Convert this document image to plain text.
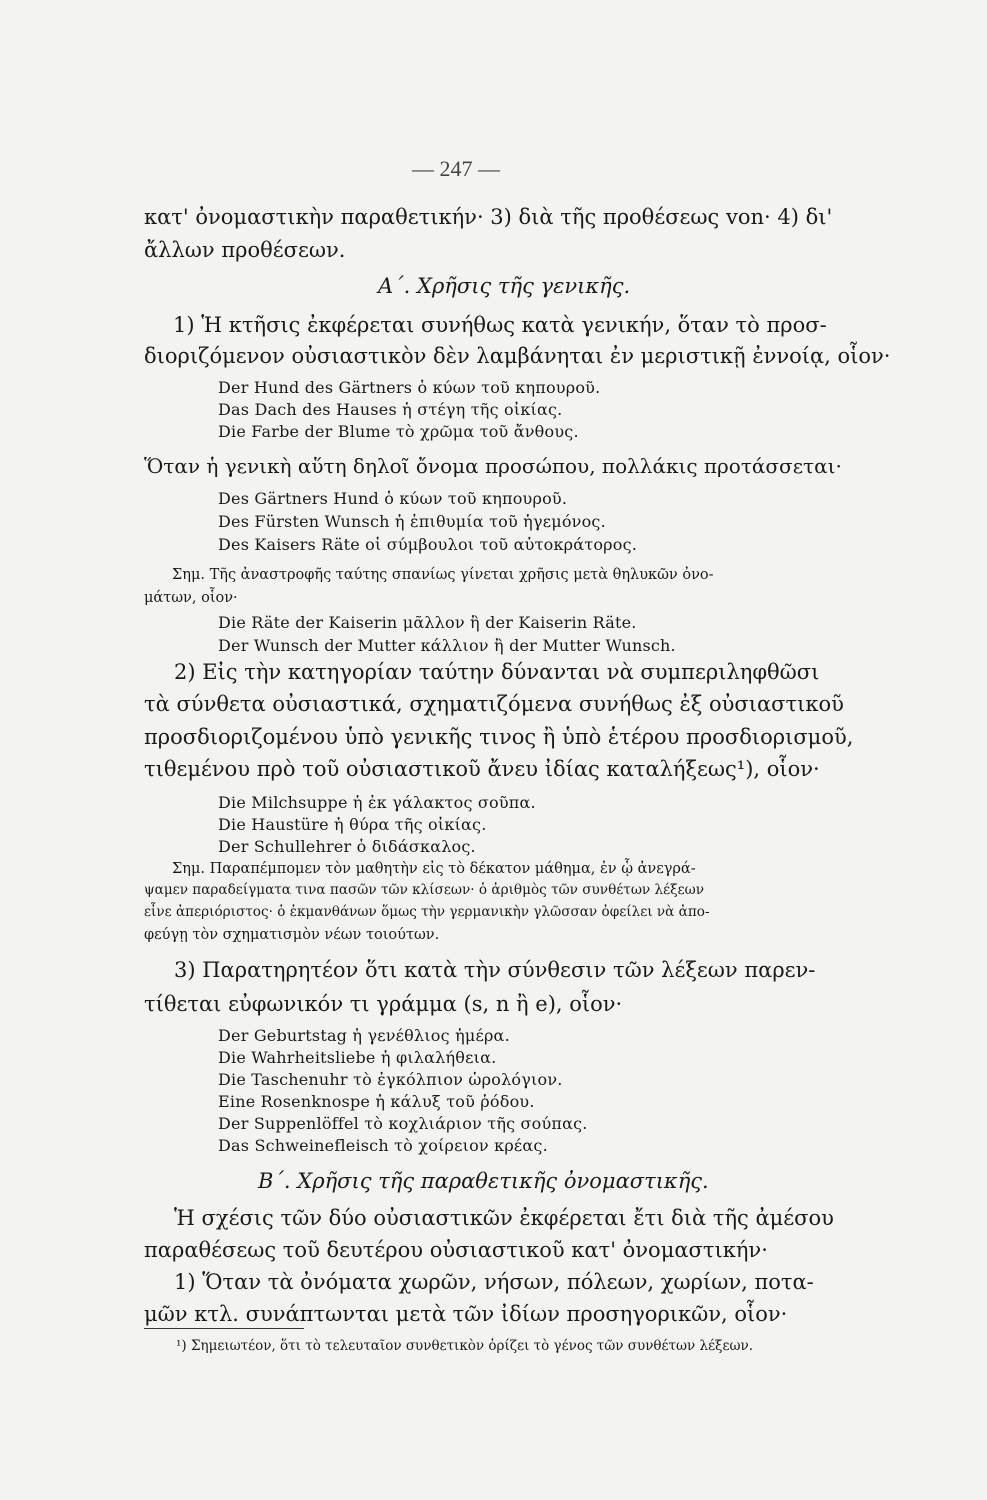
— 247 —
κατ' ὀνομαστικὴν παραθετικήν· 3) διὰ τῆς προθέσεως von· 4) δι'
ἄλλων προθέσεων.
Α΄. Χρῆσις τῆς γενικῆς.
1) Ἡ κτῆσις ἐκφέρεται συνήθως κατὰ γενικήν, ὅταν τὸ προσ-
διοριζόμενον οὐσιαστικὸν δὲν λαμβάνηται ἐν μεριστικῇ ἐννοίᾳ, οἷον·
Der Hund des Gärtners ὁ κύων τοῦ κηπουροῦ.
Das Dach des Hauses ἡ στέγη τῆς οἰκίας.
Die Farbe der Blume τὸ χρῶμα τοῦ ἄνθους.
Ὅταν ἡ γενικὴ αὕτη δηλοῖ ὄνομα προσώπου, πολλάκις προτάσσεται·
Des Gärtners Hund ὁ κύων τοῦ κηπουροῦ.
Des Fürsten Wunsch ἡ ἐπιθυμία τοῦ ἡγεμόνος.
Des Kaisers Räte οἱ σύμβουλοι τοῦ αὐτοκράτορος.
Σημ. Τῆς ἀναστροφῆς ταύτης σπανίως γίνεται χρῆσις μετὰ θηλυκῶν ὀνο-
μάτων, οἷον·
Die Räte der Kaiserin μᾶλλον ἢ der Kaiserin Räte.
Der Wunsch der Mutter κάλλιον ἢ der Mutter Wunsch.
2) Εἰς τὴν κατηγορίαν ταύτην δύνανται νὰ συμπεριληφθῶσι
τὰ σύνθετα οὐσιαστικά, σχηματιζόμενα συνήθως ἐξ οὐσιαστικοῦ
προσδιοριζομένου ὑπὸ γενικῆς τινος ἢ ὑπὸ ἑτέρου προσδιορισμοῦ,
τιθεμένου πρὸ τοῦ οὐσιαστικοῦ ἄνευ ἰδίας καταλήξεως¹), οἷον·
Die Milchsuppe ἡ ἐκ γάλακτος σοῦπα.
Die Haustüre ἡ θύρα τῆς οἰκίας.
Der Schullehrer ὁ διδάσκαλος.
Σημ. Παραπέμπομεν τὸν μαθητὴν εἰς τὸ δέκατον μάθημα, ἐν ᾧ ἀνεγρά-
ψαμεν παραδείγματα τινα πασῶν τῶν κλίσεων· ὁ ἀριθμὸς τῶν συνθέτων λέξεων
εἶνε ἀπεριόριστος· ὁ ἐκμανθάνων ὅμως τὴν γερμανικὴν γλῶσσαν ὀφείλει νὰ ἀπο-
φεύγῃ τὸν σχηματισμὸν νέων τοιούτων.
3) Παρατηρητέον ὅτι κατὰ τὴν σύνθεσιν τῶν λέξεων παρεν-
τίθεται εὐφωνικόν τι γράμμα (s, n ἢ e), οἷον·
Der Geburtstag ἡ γενέθλιος ἡμέρα.
Die Wahrheitsliebe ἡ φιλαλήθεια.
Die Taschenuhr τὸ ἐγκόλπιον ὡρολόγιον.
Eine Rosenknospe ἡ κάλυξ τοῦ ῥόδου.
Der Suppenlöffel τὸ κοχλιάριον τῆς σούπας.
Das Schweinefleisch τὸ χοίρειον κρέας.
Β΄. Χρῆσις τῆς παραθετικῆς ὀνομαστικῆς.
Ἡ σχέσις τῶν δύο οὐσιαστικῶν ἐκφέρεται ἔτι διὰ τῆς ἀμέσου
παραθέσεως τοῦ δευτέρου οὐσιαστικοῦ κατ' ὀνομαστικήν·
1) Ὅταν τὰ ὀνόματα χωρῶν, νήσων, πόλεων, χωρίων, ποτα-
μῶν κτλ. συνάπτωνται μετὰ τῶν ἰδίων προσηγορικῶν, οἷον·
¹) Σημειωτέον, ὅτι τὸ τελευταῖον συνθετικὸν ὁρίζει τὸ γένος τῶν συνθέτων λέξεων.
